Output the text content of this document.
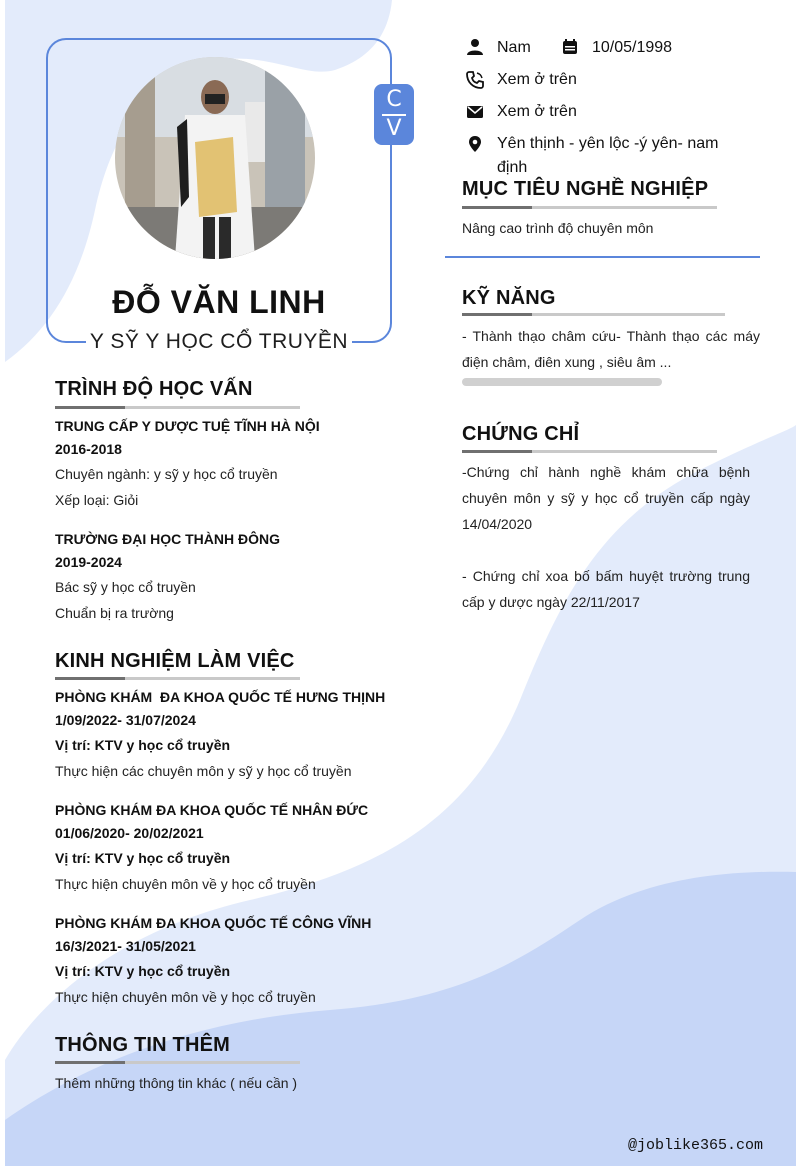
C
V
ĐỖ VĂN LINH
Y SỸ Y HỌC CỔ TRUYỀN
Nam	10/05/1998
Xem ở trên
Xem ở trên
Yên thịnh - yên lộc -ý yên- nam định
MỤC TIÊU NGHỀ NGHIỆP
Nâng cao trình độ chuyên môn
KỸ NĂNG
- Thành thạo châm cứu- Thành thạo các máy điện châm, điên xung , siêu âm ...
CHỨNG CHỈ
-Chứng chỉ hành nghề khám chữa bệnh chuyên môn y sỹ y học cổ truyền cấp ngày 14/04/2020
- Chứng chỉ xoa bố bấm huyệt trường trung cấp y dược ngày 22/11/2017
TRÌNH ĐỘ HỌC VẤN
TRUNG CẤP Y DƯỢC TUỆ TĨNH HÀ NỘI
2016-2018
Chuyên ngành: y sỹ y học cổ truyền
Xếp loại: Giỏi
TRƯỜNG ĐẠI HỌC THÀNH ĐÔNG
2019-2024
Bác sỹ y học cổ truyền
Chuẩn bị ra trường
KINH NGHIỆM LÀM VIỆC
PHÒNG KHÁM  ĐA KHOA QUỐC TẾ HƯNG THỊNH
1/09/2022- 31/07/2024
Vị trí: KTV y học cổ truyền
Thực hiện các chuyên môn y sỹ y học cổ truyền
PHÒNG KHÁM ĐA KHOA QUỐC TẾ NHÂN ĐỨC
01/06/2020- 20/02/2021
Vị trí: KTV y học cổ truyền
Thực hiện chuyên môn về y học cổ truyền
PHÒNG KHÁM ĐA KHOA QUỐC TẾ CÔNG VĨNH
16/3/2021- 31/05/2021
Vị trí: KTV y học cổ truyền
Thực hiện chuyên môn về y học cổ truyền
THÔNG TIN THÊM
Thêm những thông tin khác ( nếu cần )
@joblike365.com
